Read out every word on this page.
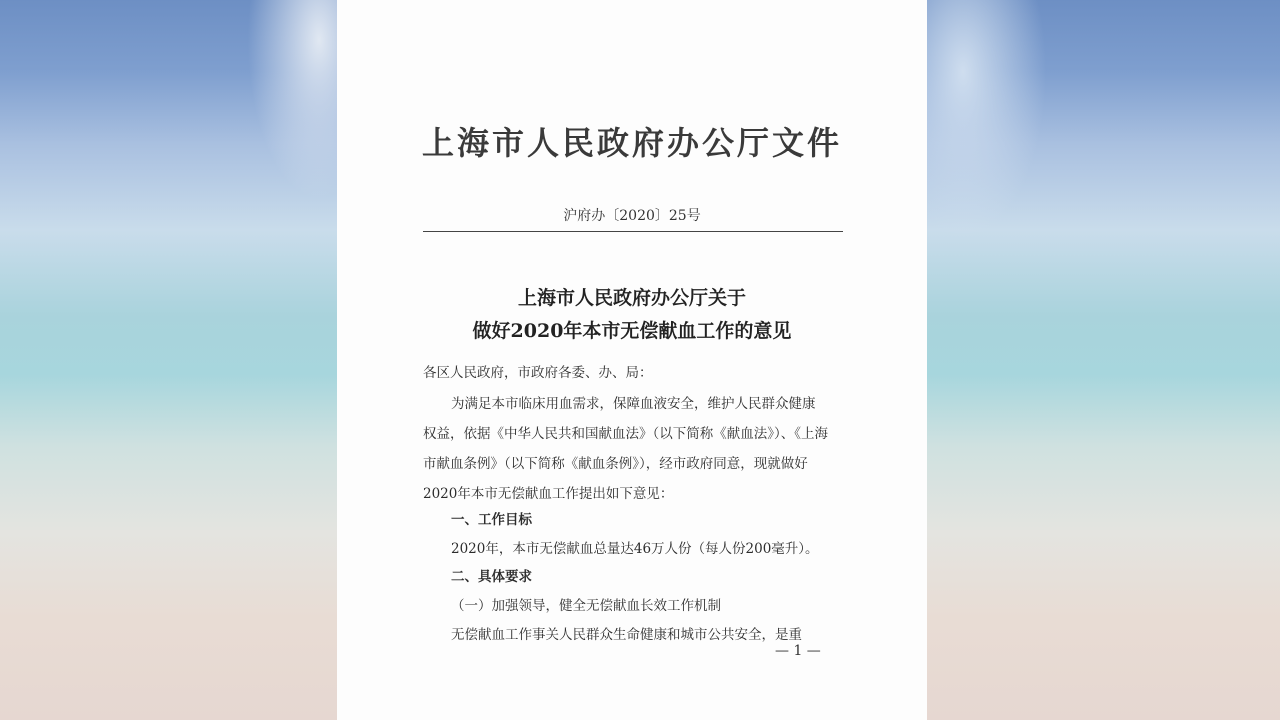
上海市人民政府办公厅文件
沪府办〔2020〕25号
上海市人民政府办公厅关于
做好2020年本市无偿献血工作的意见
各区人民政府，市政府各委、办、局：
为满足本市临床用血需求，保障血液安全，维护人民群众健康
权益，依据《中华人民共和国献血法》（以下简称《献血法》）、《上海
市献血条例》（以下简称《献血条例》），经市政府同意，现就做好
2020年本市无偿献血工作提出如下意见：
一、工作目标
2020年，本市无偿献血总量达46万人份（每人份200毫升）。
二、具体要求
（一）加强领导，健全无偿献血长效工作机制
无偿献血工作事关人民群众生命健康和城市公共安全，是重
— 1 —
